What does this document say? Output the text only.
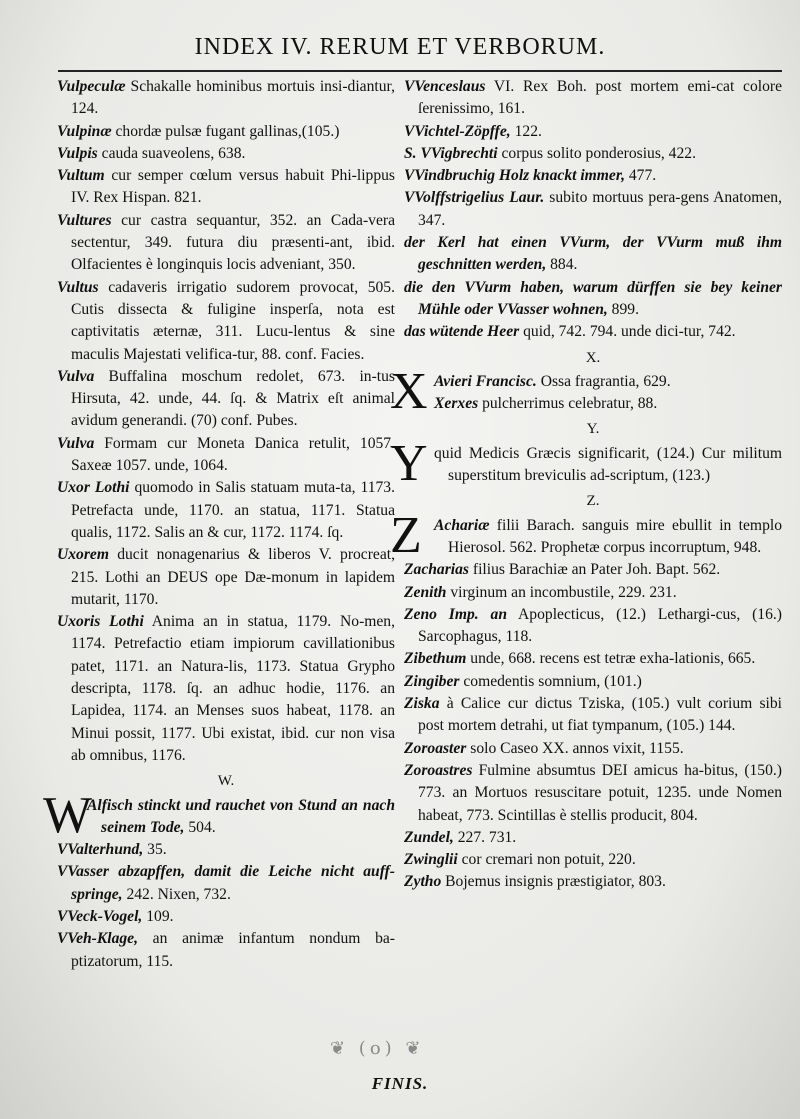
INDEX IV. RERUM ET VERBORUM.

Vulpeculæ Schakalle hominibus mortuis insi-diantur, 124.

Vulpinæ chordæ pulsæ fugant gallinas,(105.)

Vulpis cauda suaveolens, 638.

Vultum cur semper cœlum versus habuit Phi-lippus IV. Rex Hispan. 821.

Vultures cur castra sequantur, 352. an Cada-vera sectentur, 349. futura diu præsenti-ant, ibid. Olfacientes è longinquis locis adveniant, 350.

Vultus cadaveris irrigatio sudorem provocat, 505. Cutis dissecta & fuligine insperſa, nota est captivitatis æternæ, 311. Lucu-lentus & sine maculis Majestati velifica-tur, 88. conf. Facies.

Vulva Buffalina moschum redolet, 673. in-tus Hirsuta, 42. unde, 44. ſq. & Matrix eſt animal avidum generandi. (70) conf. Pubes.

Vulva Formam cur Moneta Danica retulit, 1057. Saxeæ 1057. unde, 1064.

Uxor Lothi quomodo in Salis statuam muta-ta, 1173. Petrefacta unde, 1170. an statua, 1171. Statua qualis, 1172. Salis an & cur, 1172. 1174. ſq.

Uxorem ducit nonagenarius & liberos V. procreat, 215. Lothi an DEUS ope Dæ-monum in lapidem mutarit, 1170.

Uxoris Lothi Anima an in statua, 1179. No-men, 1174. Petrefactio etiam impiorum cavillationibus patet, 1171. an Natura-lis, 1173. Statua Grypho descripta, 1178. ſq. an adhuc hodie, 1176. an Lapidea, 1174. an Menses suos habeat, 1178. an Minui possit, 1177. Ubi existat, ibid. cur non visa ab omnibus, 1176.

W.

W
Alfisch stinckt und rauchet von Stund an nach seinem Tode, 504.

VValterhund, 35.

VVasser abzapffen, damit die Leiche nicht auff-springe, 242. Nixen, 732.

VVeck-Vogel, 109.

VVeh-Klage, an animæ infantum nondum ba-ptizatorum, 115.

VVenceslaus VI. Rex Boh. post mortem emi-cat colore ſerenissimo, 161.

VVichtel-Zöpffe, 122.

S. VVigbrechti corpus solito ponderosius, 422.

VVindbruchig Holz knackt immer, 477.

VVolffstrigelius Laur. subito mortuus pera-gens Anatomen, 347.

der Kerl hat einen VVurm, der VVurm muß ihm geschnitten werden, 884.

die den VVurm haben, warum dürffen sie bey keiner Mühle oder VVasser wohnen, 899.

das wütende Heer quid, 742. 794. unde dici-tur, 742.

X.
X Avieri Francisc. Ossa fragrantia, 629.
Xerxes pulcherrimus celebratur, 88.
Y.

Y quid Medicis Græcis significarit, (124.) Cur militum superstitum breviculis ad-scriptum, (123.)

Z.

Z Achariæ filii Barach. sanguis mire ebullit in templo Hierosol. 562. Prophetæ corpus incorruptum, 948.

Zacharias filius Barachiæ an Pater Joh. Bapt. 562.

Zenith virginum an incombustile, 229. 231.

Zeno Imp. an Apoplecticus, (12.) Lethargi-cus, (16.) Sarcophagus, 118.

Zibethum unde, 668. recens est tetræ exha-lationis, 665.

Zingiber comedentis somnium, (101.)

Ziska à Calice cur dictus Tziska, (105.) vult corium sibi post mortem detrahi, ut fiat tympanum, (105.) 144.

Zoroaster solo Caseo XX. annos vixit, 1155.

Zoroastres Fulmine absumtus DEI amicus ha-bitus, (150.) 773. an Mortuos resuscitare potuit, 1235. unde Nomen habeat, 773. Scintillas è stellis producit, 804.

Zundel, 227. 731.

Zwinglii cor cremari non potuit, 220.

Zytho Bojemus insignis præstigiator, 803.

❦ (o) ❦
FINIS.
